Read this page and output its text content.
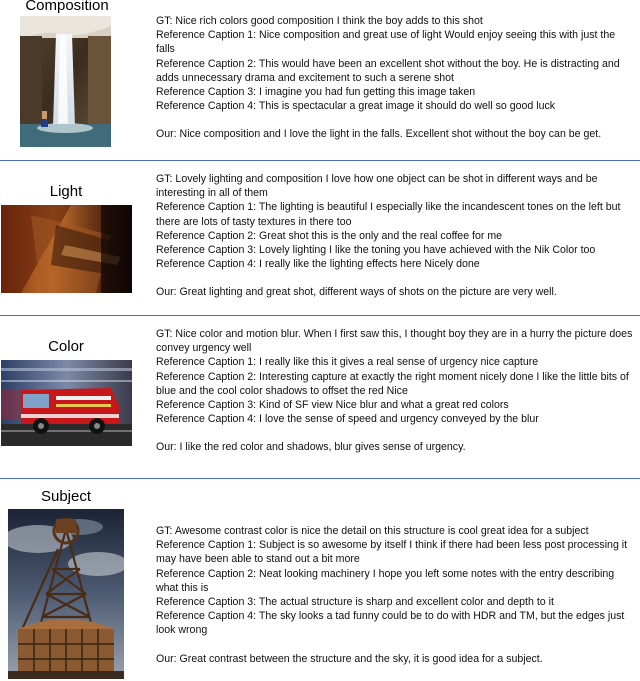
Composition

GT: Nice rich colors good composition I think the boy adds to this shot

Reference Caption 1: Nice composition and great use of light Would enjoy seeing this with just the falls

Reference Caption 2: This would have been an excellent shot without the boy. He is distracting and adds unnecessary drama and excitement to such a serene shot

Reference Caption 3: I imagine you had fun getting this image taken

Reference Caption 4: This is spectacular a great image it should do well so good luck

Our: Nice composition and I love the light in the falls. Excellent shot without the boy can be get.

Light

GT: Lovely lighting and composition I love how one object can be shot in different ways and be interesting in all of them

Reference Caption 1: The lighting is beautiful I especially like the incandescent tones on the left but there are lots of tasty textures in there too

Reference Caption 2: Great shot this is the only and the real coffee for me

Reference Caption 3: Lovely lighting I like the toning you have achieved with the Nik Color too

Reference Caption 4: I really like the lighting effects here Nicely done

Our: Great lighting and great shot, different ways of shots on the picture are very well.

Color

GT: Nice color and motion blur. When I first saw this, I thought boy they are in a hurry the picture does convey urgency well

Reference Caption 1: I really like this it gives a real sense of urgency nice capture

Reference Caption 2: Interesting capture at exactly the right moment nicely done I like the little bits of blue and the cool color shadows to offset the red Nice

Reference Caption 3: Kind of SF view Nice blur and what a great red colors

Reference Caption 4: I love the sense of speed and urgency conveyed by the blur

Our: I like the red color and shadows, blur gives sense of urgency.

Subject

GT: Awesome contrast color is nice the detail on this structure is cool great idea for a subject

Reference Caption 1: Subject is so awesome by itself I think if there had been less post processing it may have been able to stand out a bit more

Reference Caption 2: Neat looking machinery I hope you left some notes with the entry describing what this is

Reference Caption 3: The actual structure is sharp and excellent color and depth to it

Reference Caption 4: The sky looks a tad funny could be to do with HDR and TM, but the edges just look wrong

Our: Great contrast between the structure and the sky, it is good idea for a subject.
